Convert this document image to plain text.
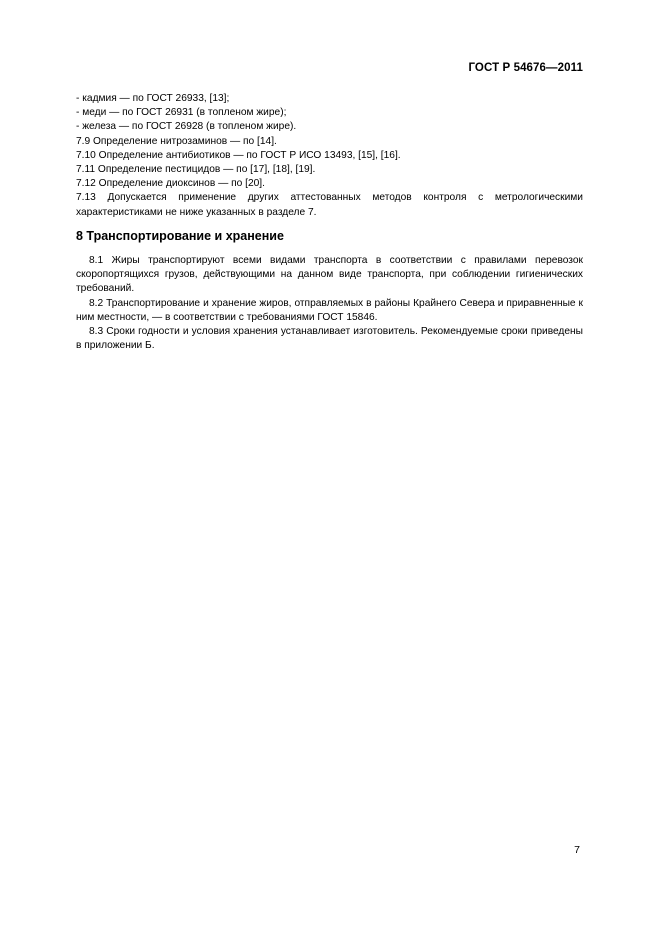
ГОСТ Р 54676—2011
- кадмия — по ГОСТ 26933, [13];
- меди — по ГОСТ 26931 (в топленом жире);
- железа — по ГОСТ 26928 (в топленом жире).
7.9 Определение нитрозаминов — по [14].
7.10 Определение антибиотиков — по ГОСТ Р ИСО 13493, [15], [16].
7.11 Определение пестицидов — по [17], [18], [19].
7.12 Определение диоксинов — по [20].

7.13 Допускается применение других аттестованных методов контроля с метрологическими характеристиками не ниже указанных в разделе 7.

8 Транспортирование и хранение

8.1 Жиры транспортируют всеми видами транспорта в соответствии с правилами перевозок скоропортящихся грузов, действующими на данном виде транспорта, при соблюдении гигиенических требований.

8.2 Транспортирование и хранение жиров, отправляемых в районы Крайнего Севера и приравненные к ним местности, — в соответствии с требованиями ГОСТ 15846.

8.3 Сроки годности и условия хранения устанавливает изготовитель. Рекомендуемые сроки приведены в приложении Б.

7
